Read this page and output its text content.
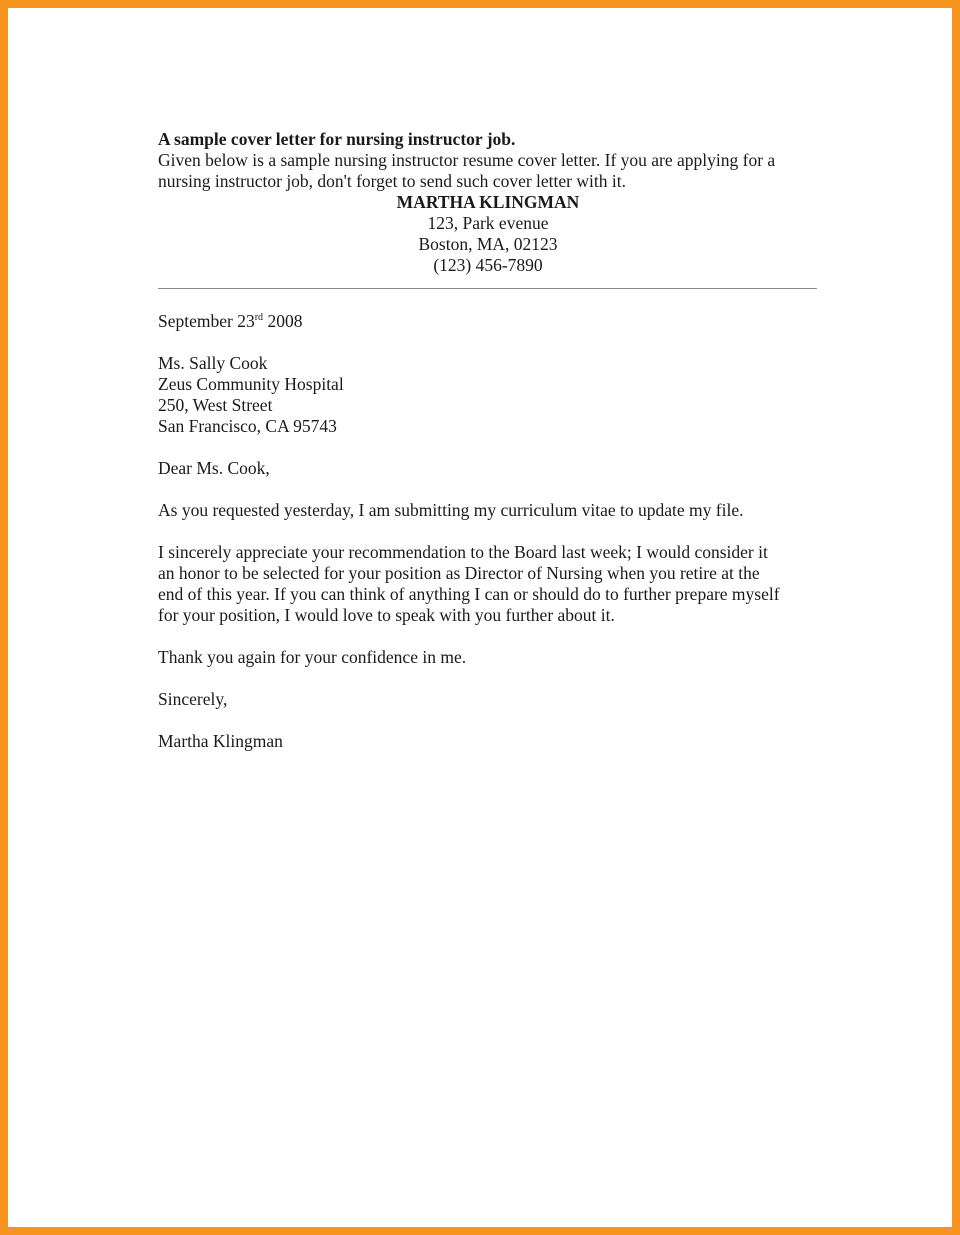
A sample cover letter for nursing instructor job.

Given below is a sample nursing instructor resume cover letter. If you are applying for a
nursing instructor job, don't forget to send such cover letter with it.

MARTHA KLINGMAN
123, Park evenue
Boston, MA, 02123
(123) 456-7890
September 23rd 2008
Ms. Sally Cook
Zeus Community Hospital
250, West Street
San Francisco, CA 95743

Dear Ms. Cook,

As you requested yesterday, I am submitting my curriculum vitae to update my file.

I sincerely appreciate your recommendation to the Board last week; I would consider it
an honor to be selected for your position as Director of Nursing when you retire at the
end of this year. If you can think of anything I can or should do to further prepare myself
for your position, I would love to speak with you further about it.

Thank you again for your confidence in me.

Sincerely,

Martha Klingman
